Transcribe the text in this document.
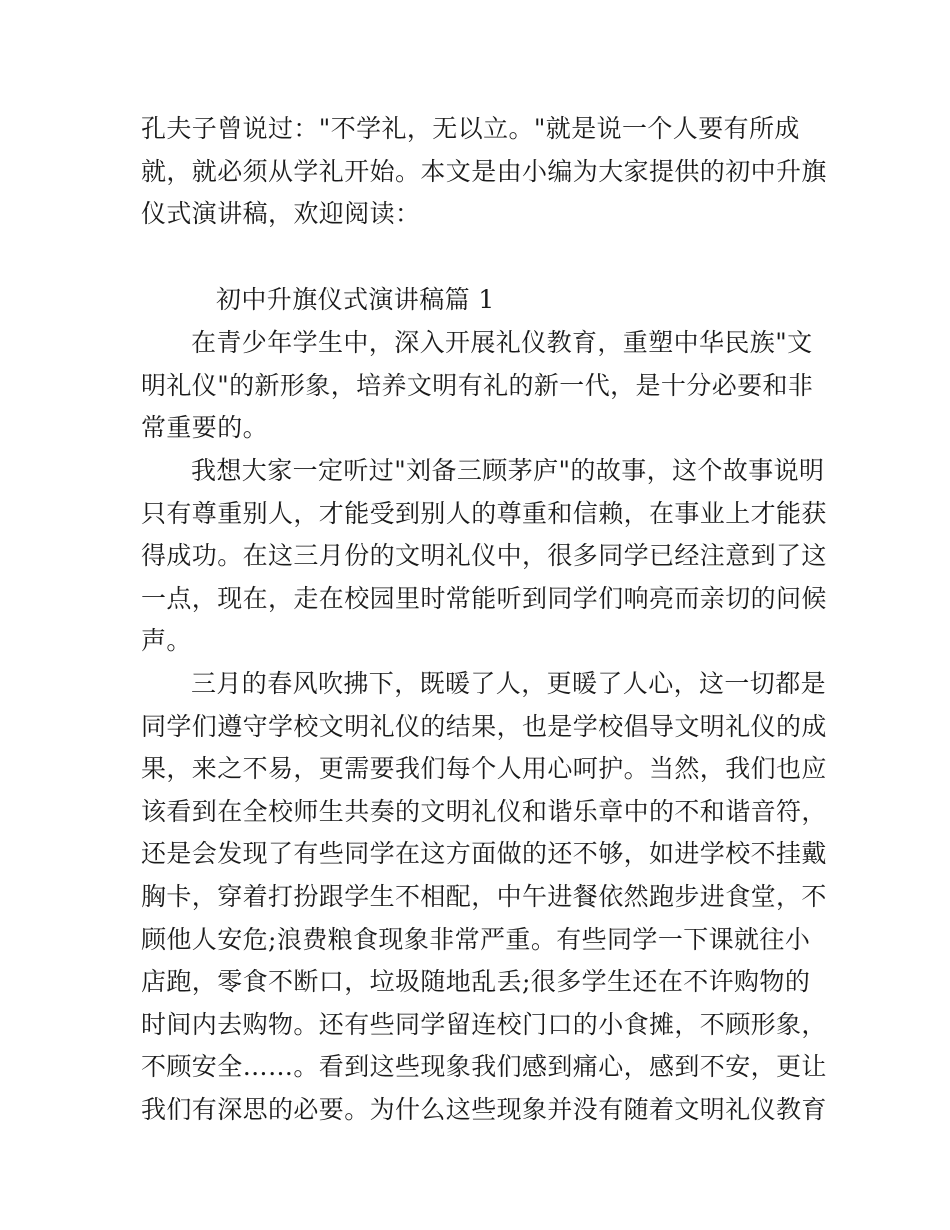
孔夫子曾说过："不学礼，无以立。"就是说一个人要有所成
就，就必须从学礼开始。本文是由小编为大家提供的初中升旗
仪式演讲稿，欢迎阅读：
初中升旗仪式演讲稿篇 1
在青少年学生中，深入开展礼仪教育，重塑中华民族"文
明礼仪"的新形象，培养文明有礼的新一代，是十分必要和非
常重要的。
我想大家一定听过"刘备三顾茅庐"的故事，这个故事说明
只有尊重别人，才能受到别人的尊重和信赖，在事业上才能获
得成功。在这三月份的文明礼仪中，很多同学已经注意到了这
一点，现在，走在校园里时常能听到同学们响亮而亲切的问候
声。
三月的春风吹拂下，既暖了人，更暖了人心，这一切都是
同学们遵守学校文明礼仪的结果，也是学校倡导文明礼仪的成
果，来之不易，更需要我们每个人用心呵护。当然，我们也应
该看到在全校师生共奏的文明礼仪和谐乐章中的不和谐音符，
还是会发现了有些同学在这方面做的还不够，如进学校不挂戴
胸卡，穿着打扮跟学生不相配，中午进餐依然跑步进食堂，不
顾他人安危;浪费粮食现象非常严重。有些同学一下课就往小
店跑，零食不断口，垃圾随地乱丢;很多学生还在不许购物的
时间内去购物。还有些同学留连校门口的小食摊，不顾形象，
不顾安全……。看到这些现象我们感到痛心，感到不安，更让
我们有深思的必要。为什么这些现象并没有随着文明礼仪教育
